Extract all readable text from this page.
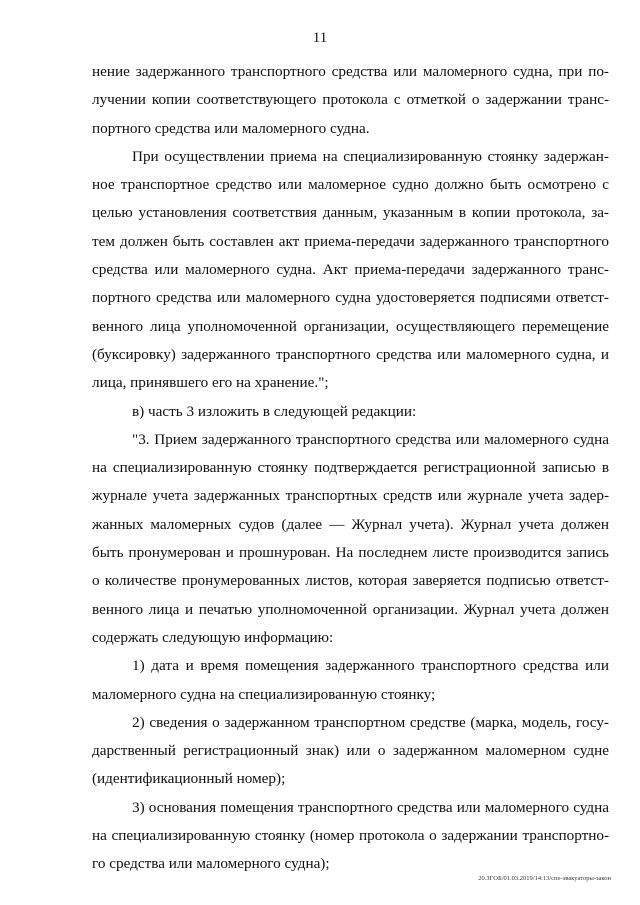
11
нение задержанного транспортного средства или маломерного судна, при по-
лучении копии соответствующего протокола с отметкой о задержании транс-
портного средства или маломерного судна.
При осуществлении приема на специализированную стоянку задержан-
ное транспортное средство или маломерное судно должно быть осмотрено с
целью установления соответствия данным, указанным в копии протокола, за-
тем должен быть составлен акт приема-передачи задержанного транспортного
средства или маломерного судна. Акт приема-передачи задержанного транс-
портного средства или маломерного судна удостоверяется подписями ответст-
венного лица уполномоченной организации, осуществляющего перемещение
(буксировку) задержанного транспортного средства или маломерного судна, и
лица, принявшего его на хранение.";
в) часть 3 изложить в следующей редакции:
"3. Прием задержанного транспортного средства или маломерного судна
на специализированную стоянку подтверждается регистрационной записью в
журнале учета задержанных транспортных средств или журнале учета задер-
жанных маломерных судов (далее — Журнал учета). Журнал учета должен
быть пронумерован и прошнурован. На последнем листе производится запись
о количестве пронумерованных листов, которая заверяется подписью ответст-
венного лица и печатью уполномоченной организации. Журнал учета должен
содержать следующую информацию:
1) дата и время помещения задержанного транспортного средства или
маломерного судна на специализированную стоянку;
2) сведения о задержанном транспортном средстве (марка, модель, госу-
дарственный регистрационный знак) или о задержанном маломерном судне
(идентификационный номер);
3) основания помещения транспортного средства или маломерного судна
на специализированную стоянку (номер протокола о задержании транспортно-
го средства или маломерного судна);
20.ЗГОБ/01.03.2019/14:13/спе-эвакуаторы-закон
